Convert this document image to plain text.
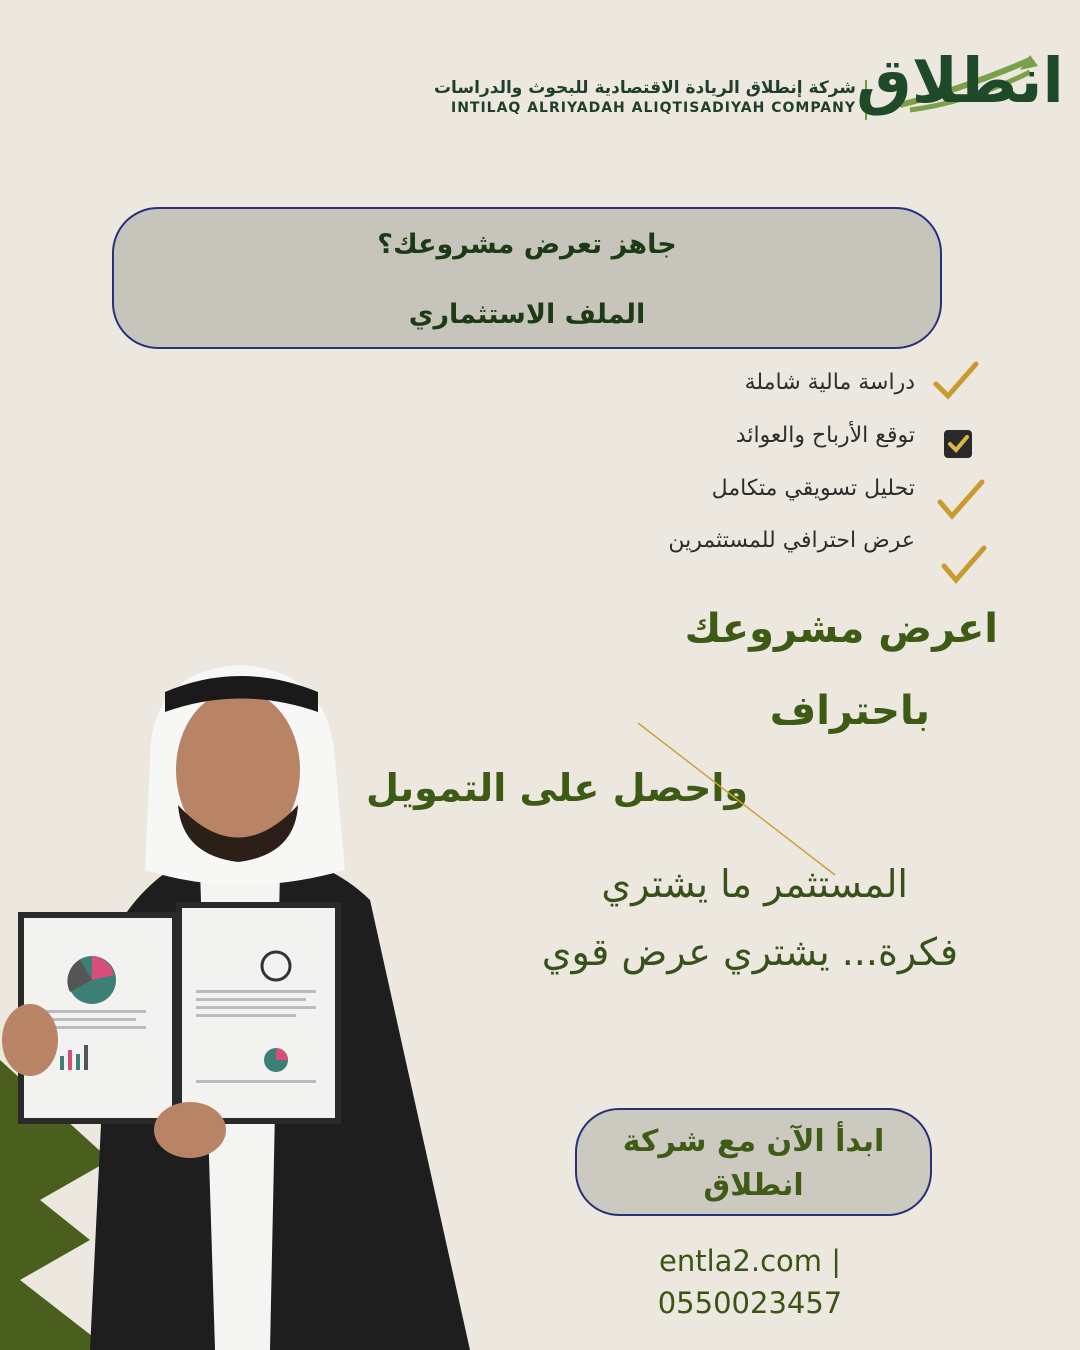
شركة إنطلاق الريادة الاقتصادية للبحوث والدراسات
INTILAQ ALRIYADAH ALIQTISADIYAH COMPANY انطلاق
جاهز تعرض مشروعك؟
الملف الاستثماري
دراسة مالية شاملة
توقع الأرباح والعوائد
تحليل تسويقي متكامل
عرض احترافي للمستثمرين
اعرض مشروعك
باحتراف
واحصل على التمويل
المستثمر ما يشتري
فكرة... يشتري عرض قوي
ابدأ الآن مع شركة
انطلاق
entla2.com |
0550023457
